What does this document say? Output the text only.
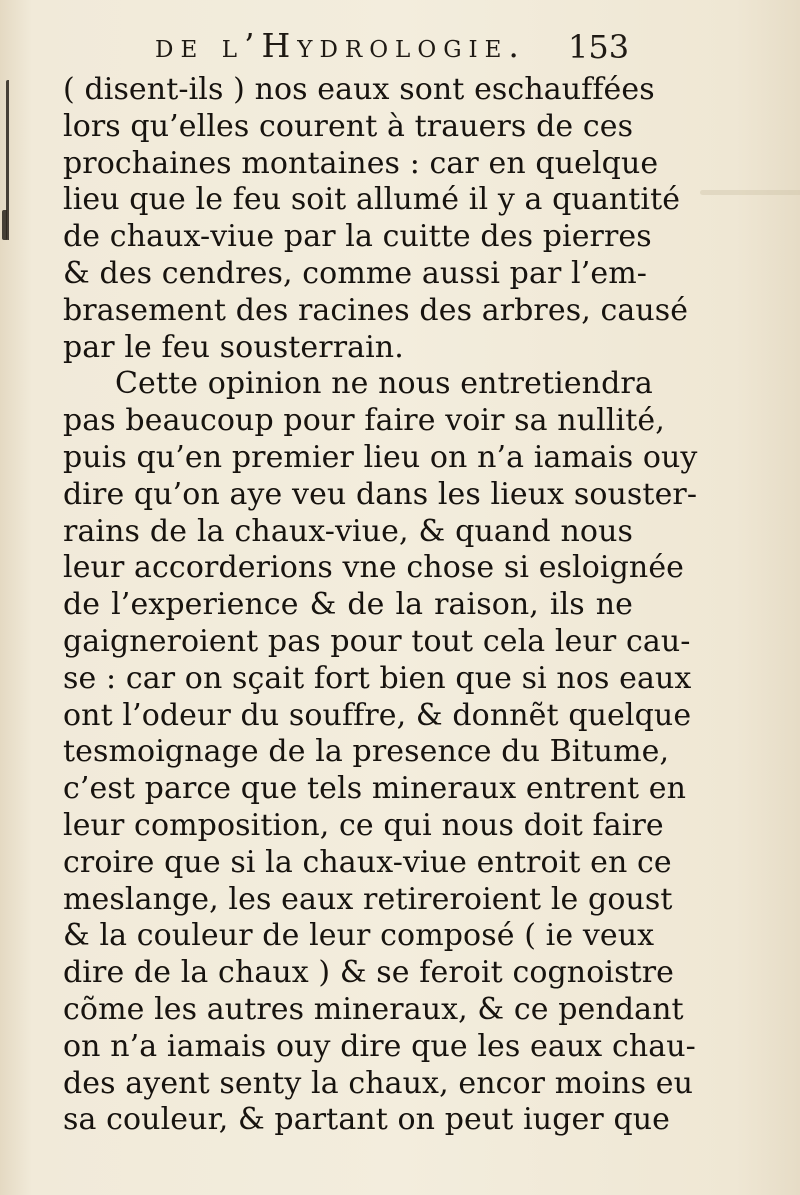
de l’Hydrologie. 153
( disent-ils ) nos eaux sont eschauffées
lors qu’elles courent à trauers de ces
prochaines montaines : car en quelque
lieu que le feu soit allumé il y a quantité
de chaux-viue par la cuitte des pierres
& des cendres, comme aussi par l’em-
brasement des racines des arbres, causé
par le feu sousterrain.
Cette opinion ne nous entretiendra
pas beaucoup pour faire voir sa nullité,
puis qu’en premier lieu on n’a iamais ouy
dire qu’on aye veu dans les lieux souster-
rains de la chaux-viue, & quand nous
leur accorderions vne chose si esloignée
de l’experience & de la raison, ils ne
gaigneroient pas pour tout cela leur cau-
se : car on sçait fort bien que si nos eaux
ont l’odeur du souffre, & donnẽt quelque
tesmoignage de la presence du Bitume,
c’est parce que tels mineraux entrent en
leur composition, ce qui nous doit faire
croire que si la chaux-viue entroit en ce
meslange, les eaux retireroient le goust
& la couleur de leur composé ( ie veux
dire de la chaux ) & se feroit cognoistre
cõme les autres mineraux, & ce pendant
on n’a iamais ouy dire que les eaux chau-
des ayent senty la chaux, encor moins eu
sa couleur, & partant on peut iuger que
